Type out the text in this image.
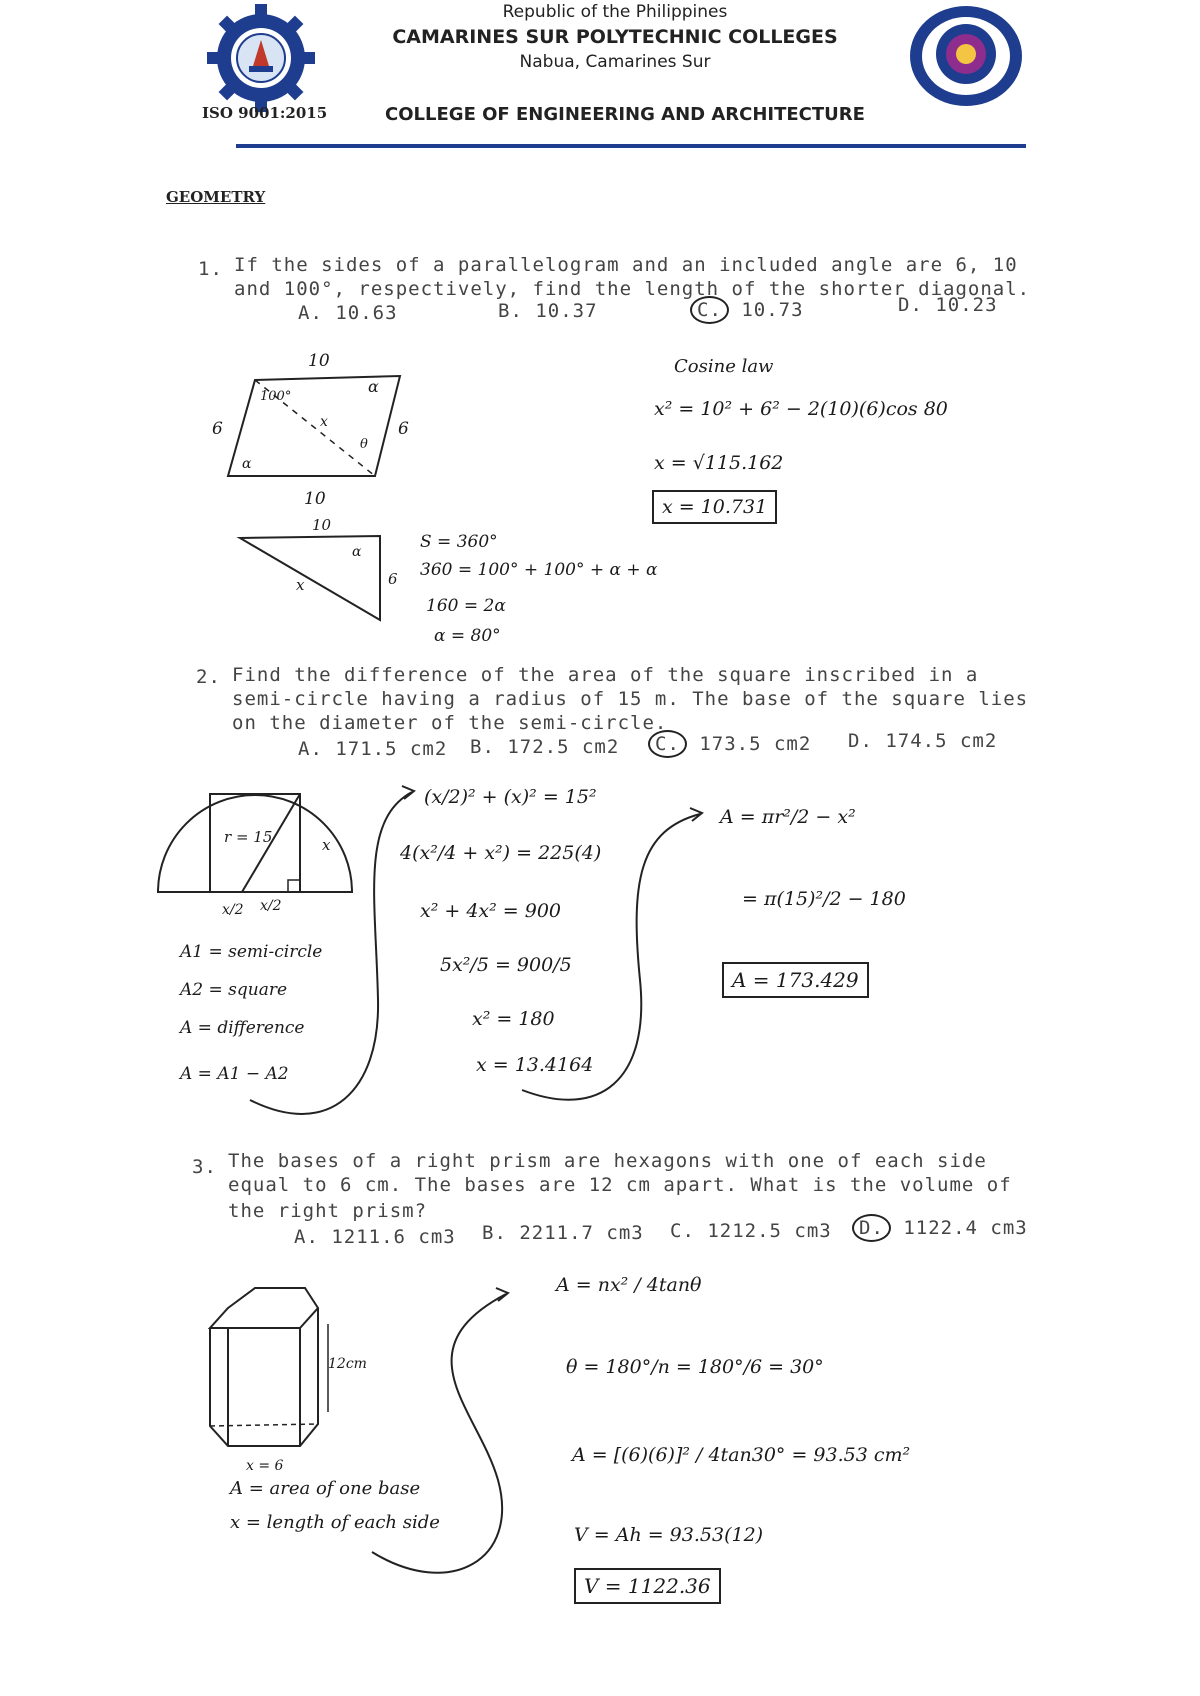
ISO 9001:2015
Republic of the Philippines
CAMARINES SUR POLYTECHNIC COLLEGES
Nabua, Camarines Sur
COLLEGE OF ENGINEERING AND ARCHITECTURE
GEOMETRY
1. If the sides of a parallelogram and an included angle are 6, 10
and 100°, respectively, find the length of the shorter diagonal.
A. 10.63	B. 10.37	C. 10.73	D. 10.23
10
6	6
10
α
100°
x
α
θ
10
6
x
α
Cosine law
x² = 10² + 6² − 2(10)(6)cos 80
x = √115.162
x = 10.731
S = 360°
360 = 100° + 100° + α + α
160 = 2α
α = 80°
2. Find the difference of the area of the square inscribed in a
semi-circle having a radius of 15 m. The base of the square lies
on the diameter of the semi-circle.
A. 171.5 cm2 B. 172.5 cm2	C. 173.5 cm2 D. 174.5 cm2
r = 15	x
x/2 x/2
A1 = semi-circle
A2 = square
A = difference
A = A1 − A2
(x/2)² + (x)² = 15²
4(x²/4 + x²) = 225(4)
x² + 4x² = 900
5x²/5 = 900/5
x² = 180
x = 13.4164
A = πr²/2 − x²
= π(15)²/2 − 180
A = 173.429
3. The bases of a right prism are hexagons with one of each side
equal to 6 cm. The bases are 12 cm apart. What is the volume of
the right prism?
A. 1211.6 cm3 B. 2211.7 cm3 C. 1212.5 cm3	D. 1122.4 cm3
12cm
x = 6
A = area of one base
x = length of each side
A = nx² / 4tanθ
θ = 180°/n = 180°/6 = 30°
A = [(6)(6)]² / 4tan30° = 93.53 cm²
V = Ah = 93.53(12)
V = 1122.36
